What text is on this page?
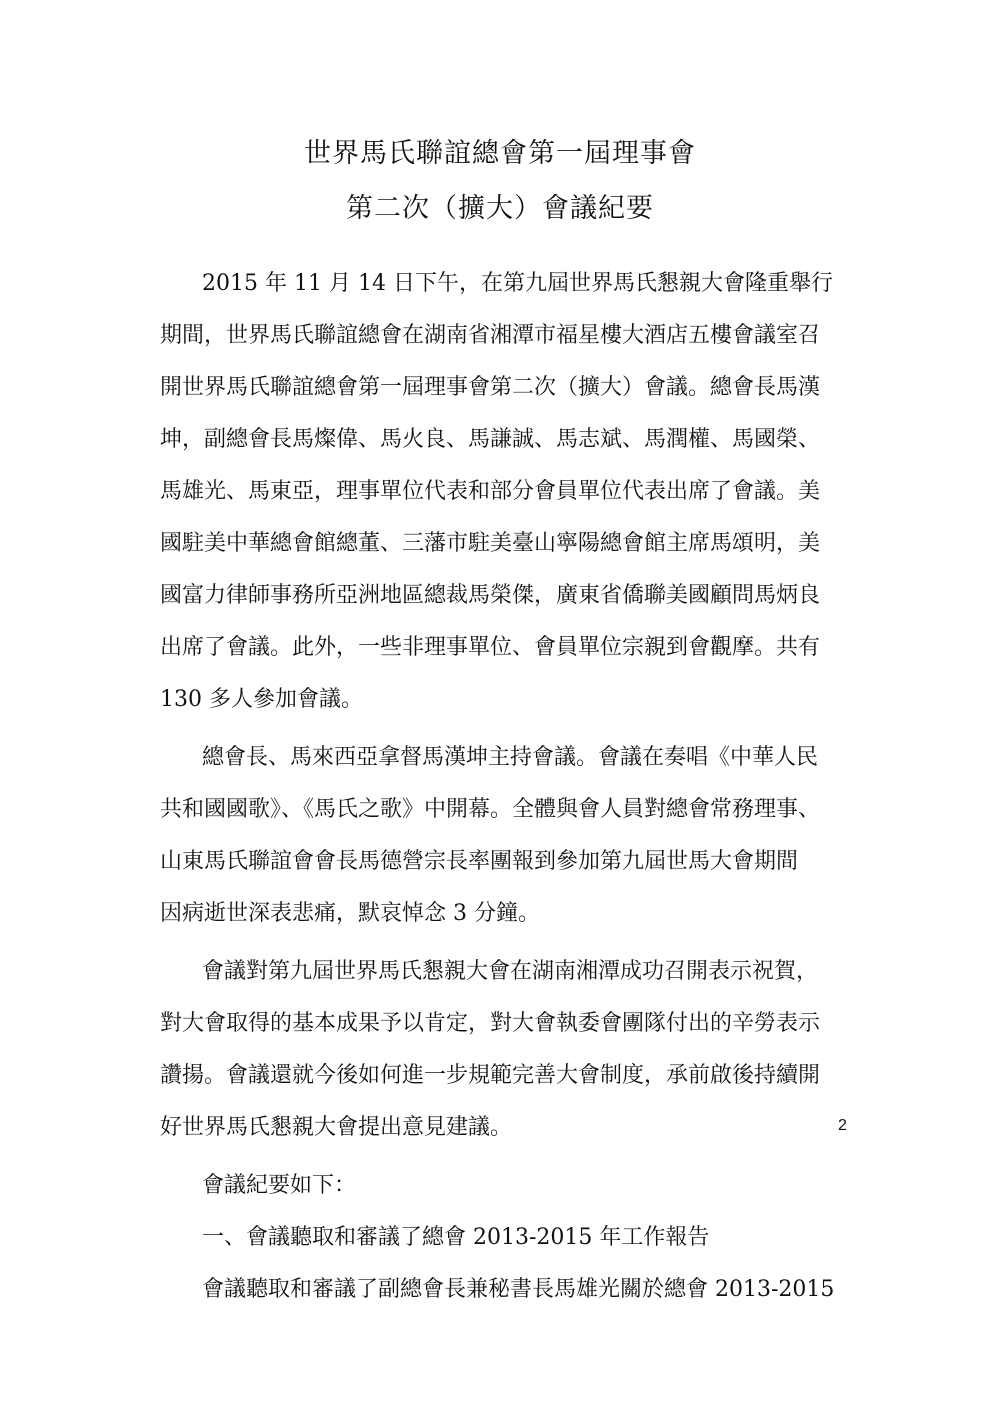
世界馬氏聯誼總會第一屆理事會
第二次（擴大）會議紀要
2015 年 11 月 14 日下午，在第九屆世界馬氏懇親大會隆重舉行
期間，世界馬氏聯誼總會在湖南省湘潭市福星樓大酒店五樓會議室召
開世界馬氏聯誼總會第一屆理事會第二次（擴大）會議。總會長馬漢
坤，副總會長馬燦偉、馬火良、馬謙誠、馬志斌、馬潤權、馬國榮、
馬雄光、馬東亞，理事單位代表和部分會員單位代表出席了會議。美
國駐美中華總會館總董、三藩市駐美臺山寧陽總會館主席馬頌明，美
國富力律師事務所亞洲地區總裁馬榮傑，廣東省僑聯美國顧問馬炳良
出席了會議。此外，一些非理事單位、會員單位宗親到會觀摩。共有
130 多人參加會議。
總會長、馬來西亞拿督馬漢坤主持會議。會議在奏唱《中華人民
共和國國歌》、《馬氏之歌》中開幕。全體與會人員對總會常務理事、
山東馬氏聯誼會會長馬德營宗長率團報到參加第九屆世馬大會期間
因病逝世深表悲痛，默哀悼念 3 分鐘。
會議對第九屆世界馬氏懇親大會在湖南湘潭成功召開表示祝賀，
對大會取得的基本成果予以肯定，對大會執委會團隊付出的辛勞表示
讚揚。會議還就今後如何進一步規範完善大會制度，承前啟後持續開
好世界馬氏懇親大會提出意見建議。
會議紀要如下：
一、會議聽取和審議了總會 2013-2015 年工作報告
會議聽取和審議了副總會長兼秘書長馬雄光關於總會 2013-2015
2
